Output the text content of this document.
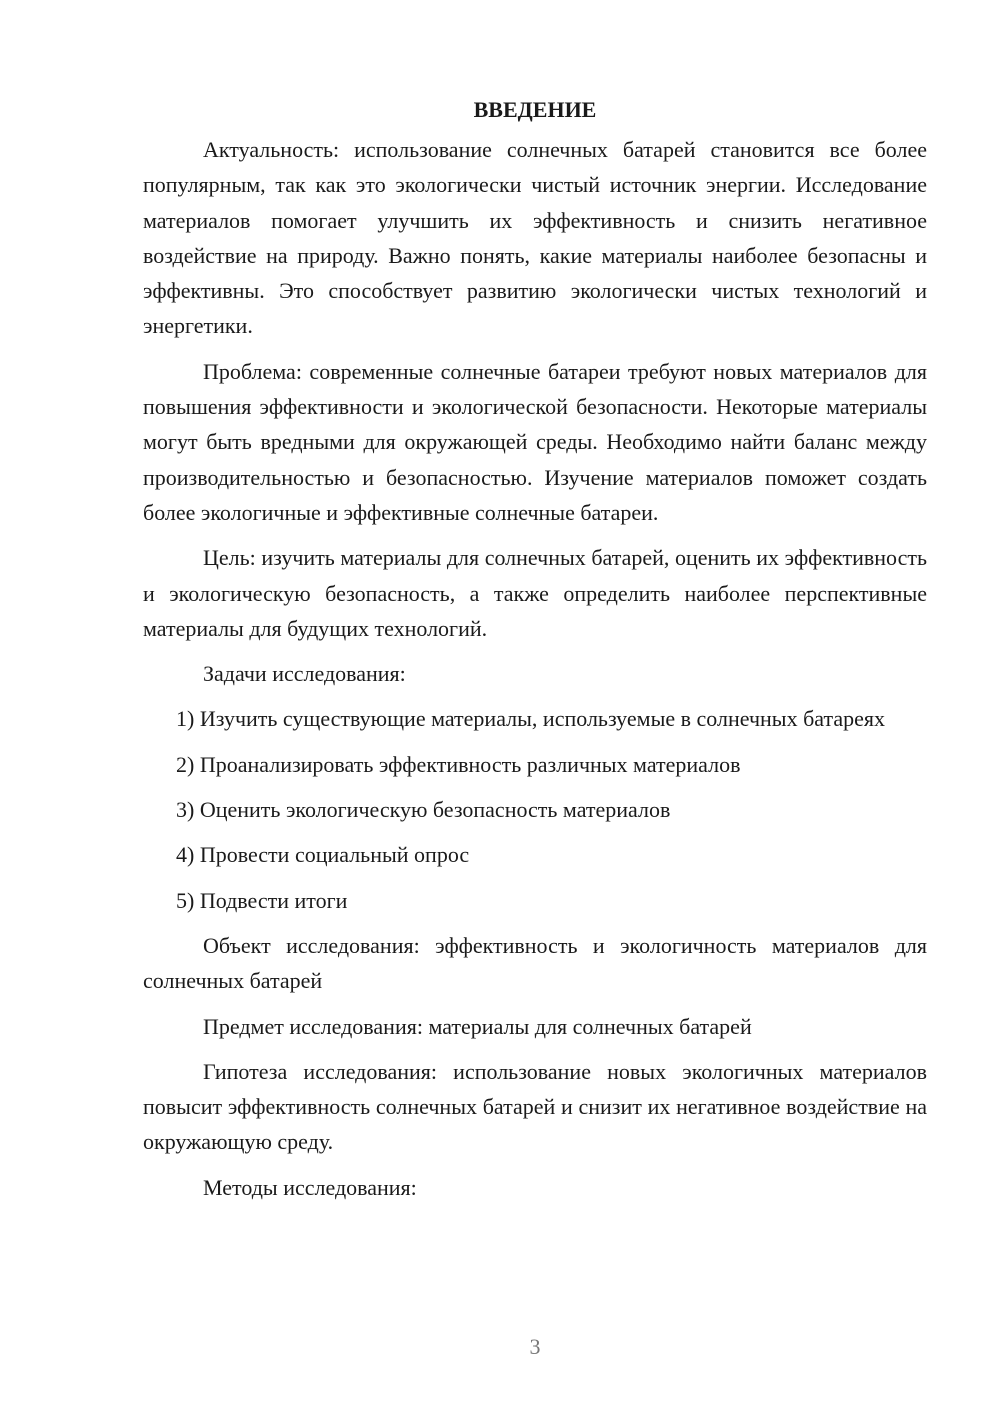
ВВЕДЕНИЕ

Актуальность: использование солнечных батарей становится все более популярным, так как это экологически чистый источник энергии. Исследование материалов помогает улучшить их эффективность и снизить негативное воздействие на природу. Важно понять, какие материалы наиболее безопасны и эффективны. Это способствует развитию экологически чистых технологий и энергетики.

Проблема: современные солнечные батареи требуют новых материалов для повышения эффективности и экологической безопасности. Некоторые материалы могут быть вредными для окружающей среды. Необходимо найти баланс между производительностью и безопасностью. Изучение материалов поможет создать более экологичные и эффективные солнечные батареи.

Цель: изучить материалы для солнечных батарей, оценить их эффективность и экологическую безопасность, а также определить наиболее перспективные материалы для будущих технологий.

Задачи исследования:

1) Изучить существующие материалы, используемые в солнечных батареях

2) Проанализировать эффективность различных материалов

3) Оценить экологическую безопасность материалов

4) Провести социальный опрос

5) Подвести итоги

Объект исследования: эффективность и экологичность материалов для солнечных батарей

Предмет исследования: материалы для солнечных батарей

Гипотеза исследования: использование новых экологичных материалов повысит эффективность солнечных батарей и снизит их негативное воздействие на окружающую среду.

Методы исследования:

3
